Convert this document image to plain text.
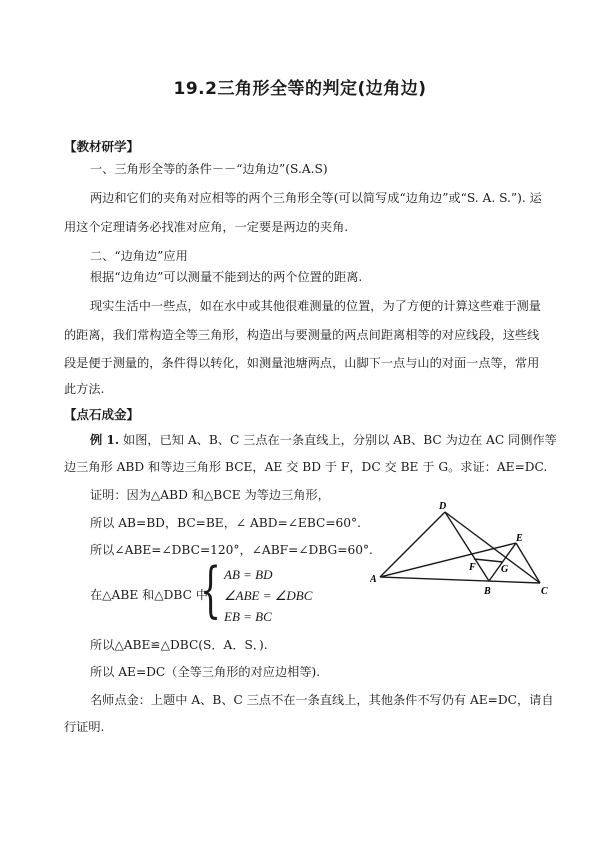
19.2三角形全等的判定(边角边)
【教材研学】
一、三角形全等的条件－－“边角边”(S.A.S)
两边和它们的夹角对应相等的两个三角形全等(可以简写成“边角边”或“S. A. S.”). 运
用这个定理请务必找准对应角，一定要是两边的夹角.
二、“边角边”应用
根据“边角边”可以测量不能到达的两个位置的距离.
现实生活中一些点，如在水中或其他很难测量的位置，为了方便的计算这些难于测量
的距离，我们常构造全等三角形，构造出与要测量的两点间距离相等的对应线段，这些线
段是便于测量的，条件得以转化，如测量池塘两点，山脚下一点与山的对面一点等，常用
此方法.
【点石成金】
例 1. 如图，已知 A、B、C 三点在一条直线上，分别以 AB、BC 为边在 AC 同侧作等
边三角形 ABD 和等边三角形 BCE，AE 交 BD 于 F，DC 交 BE 于 G。求证：AE=DC.
证明：因为△ABD 和△BCE 为等边三角形，
所以 AB=BD，BC=BE，∠ ABD=∠EBC=60°.
所以∠ABE=∠DBC=120°，∠ABF=∠DBG=60°.
在△ABE 和△DBC 中，
{ AB = BD
∠ABE = ∠DBC
EB = BC
所以△ABE≌△DBC(S．A．S．).
所以 AE=DC（全等三角形的对应边相等).
名师点金：上题中 A、B、C 三点不在一条直线上，其他条件不写仍有 AE=DC，请自
行证明.
A
B	C
D
E
F	G
